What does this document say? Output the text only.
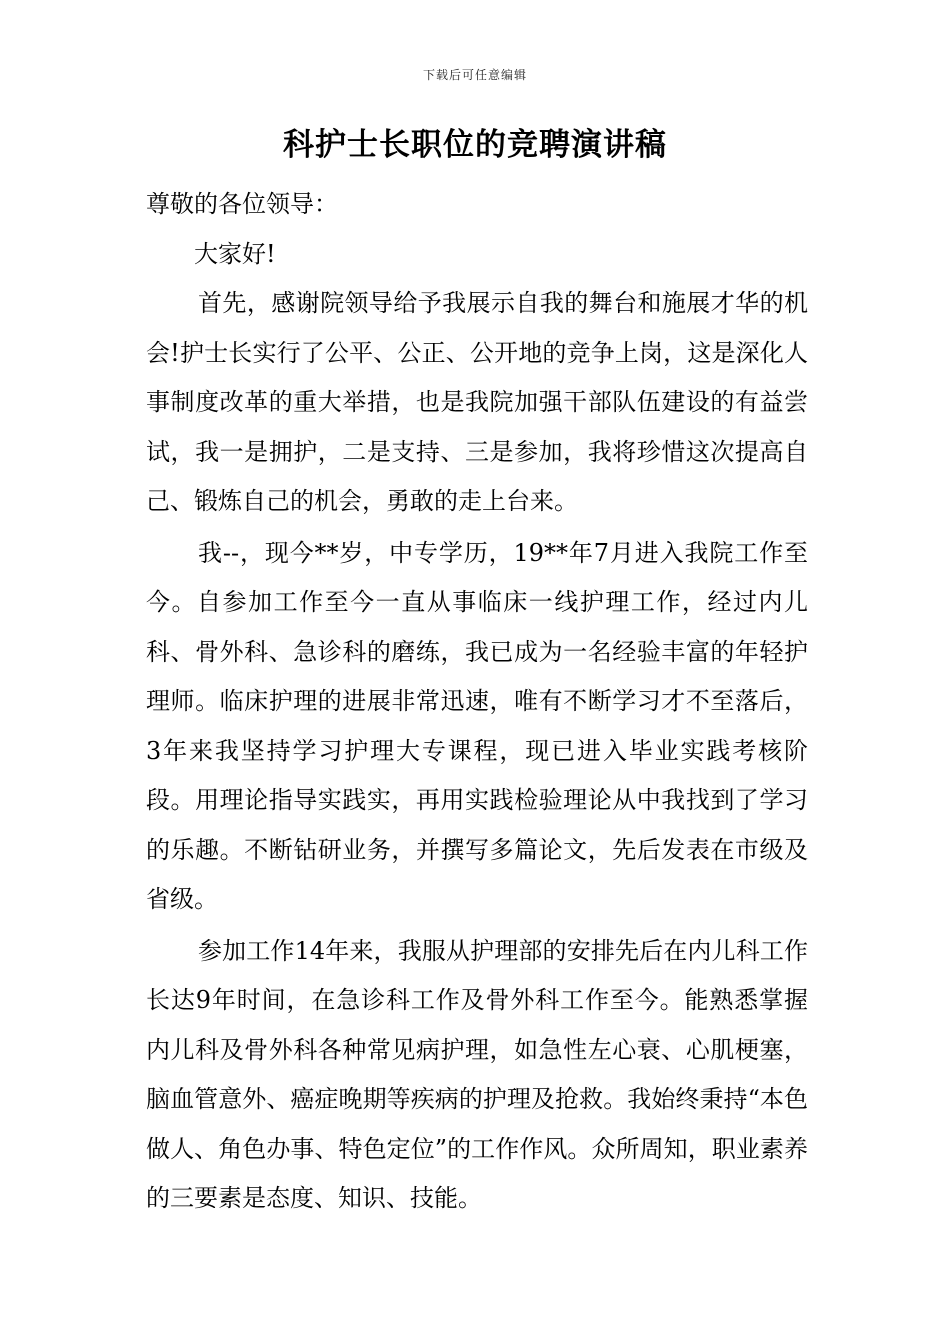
下载后可任意编辑
科护士长职位的竞聘演讲稿

尊敬的各位领导：

大家好!

首先，感谢院领导给予我展示自我的舞台和施展才华的机会!护士长实行了公平、公正、公开地的竞争上岗，这是深化人事制度改革的重大举措，也是我院加强干部队伍建设的有益尝试，我一是拥护，二是支持、三是参加，我将珍惜这次提高自己、锻炼自己的机会，勇敢的走上台来。

我--，现今**岁，中专学历，19**年7月进入我院工作至今。自参加工作至今一直从事临床一线护理工作，经过内儿科、骨外科、急诊科的磨练，我已成为一名经验丰富的年轻护理师。临床护理的进展非常迅速，唯有不断学习才不至落后，3年来我坚持学习护理大专课程，现已进入毕业实践考核阶段。用理论指导实践实，再用实践检验理论从中我找到了学习的乐趣。不断钻研业务，并撰写多篇论文，先后发表在市级及省级。

参加工作14年来，我服从护理部的安排先后在内儿科工作长达9年时间，在急诊科工作及骨外科工作至今。能熟悉掌握内儿科及骨外科各种常见病护理，如急性左心衰、心肌梗塞，脑血管意外、癌症晚期等疾病的护理及抢救。我始终秉持“本色做人、角色办事、特色定位”的工作作风。众所周知，职业素养的三要素是态度、知识、技能。
